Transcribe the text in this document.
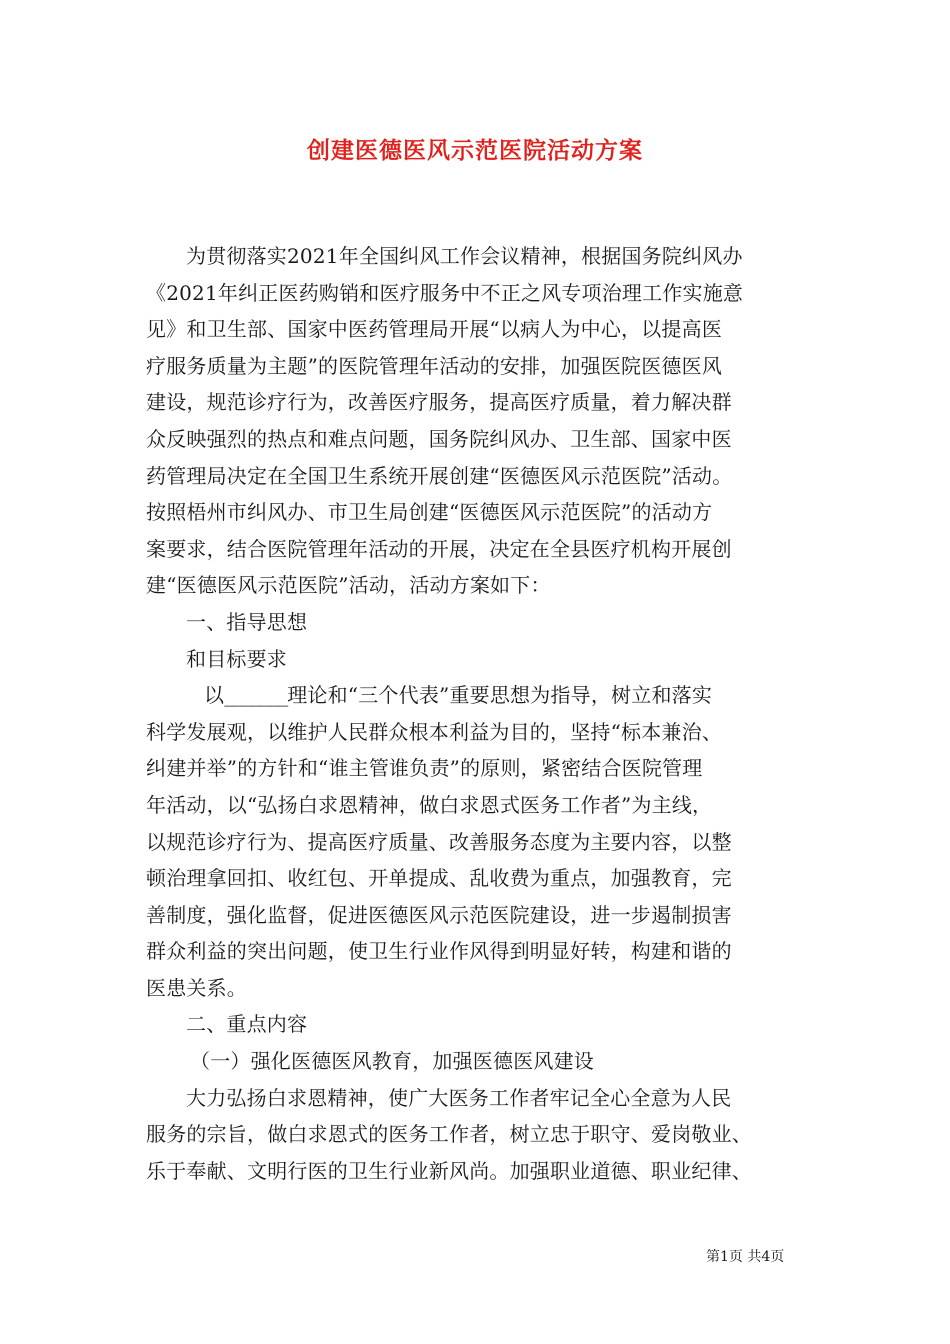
创建医德医风示范医院活动方案
为贯彻落实2021年全国纠风工作会议精神，根据国务院纠风办
《2021年纠正医药购销和医疗服务中不正之风专项治理工作实施意
见》和卫生部、国家中医药管理局开展“以病人为中心，以提高医
疗服务质量为主题”的医院管理年活动的安排，加强医院医德医风
建设，规范诊疗行为，改善医疗服务，提高医疗质量，着力解决群
众反映强烈的热点和难点问题，国务院纠风办、卫生部、国家中医
药管理局决定在全国卫生系统开展创建“医德医风示范医院”活动。
按照梧州市纠风办、市卫生局创建“医德医风示范医院”的活动方
案要求，结合医院管理年活动的开展，决定在全县医疗机构开展创
建“医德医风示范医院”活动，活动方案如下：
一、指导思想
和目标要求
以_______理论和“三个代表”重要思想为指导，树立和落实
科学发展观，以维护人民群众根本利益为目的，坚持“标本兼治、
纠建并举”的方针和“谁主管谁负责”的原则，紧密结合医院管理
年活动，以“弘扬白求恩精神，做白求恩式医务工作者”为主线，
以规范诊疗行为、提高医疗质量、改善服务态度为主要内容，以整
顿治理拿回扣、收红包、开单提成、乱收费为重点，加强教育，完
善制度，强化监督，促进医德医风示范医院建设，进一步遏制损害
群众利益的突出问题，使卫生行业作风得到明显好转，构建和谐的
医患关系。
二、重点内容
（一）强化医德医风教育，加强医德医风建设
大力弘扬白求恩精神，使广大医务工作者牢记全心全意为人民
服务的宗旨，做白求恩式的医务工作者，树立忠于职守、爱岗敬业、
乐于奉献、文明行医的卫生行业新风尚。加强职业道德、职业纪律、
第1页 共4页
